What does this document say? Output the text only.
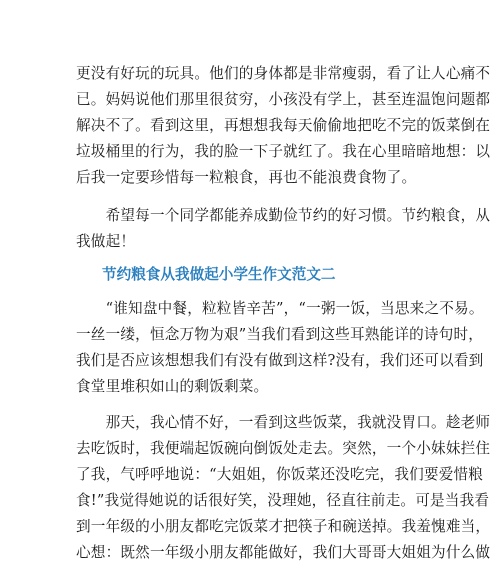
更没有好玩的玩具。他们的身体都是非常瘦弱，看了让人心痛不
已。妈妈说他们那里很贫穷，小孩没有学上，甚至连温饱问题都
解决不了。看到这里，再想想我每天偷偷地把吃不完的饭菜倒在
垃圾桶里的行为，我的脸一下子就红了。我在心里暗暗地想：以
后我一定要珍惜每一粒粮食，再也不能浪费食物了。
　　希望每一个同学都能养成勤俭节约的好习惯。节约粮食，从
我做起！
节约粮食从我做起小学生作文范文二
　　“谁知盘中餐，粒粒皆辛苦”，“一粥一饭，当思来之不易。
一丝一缕，恒念万物为艰”当我们看到这些耳熟能详的诗句时，
我们是否应该想想我们有没有做到这样?没有，我们还可以看到
食堂里堆积如山的剩饭剩菜。
　　那天，我心情不好，一看到这些饭菜，我就没胃口。趁老师
去吃饭时，我便端起饭碗向倒饭处走去。突然，一个小妹妹拦住
了我，气呼呼地说：“大姐姐，你饭菜还没吃完，我们要爱惜粮
食!”我觉得她说的话很好笑，没理她，径直往前走。可是当我看
到一年级的小朋友都吃完饭菜才把筷子和碗送掉。我羞愧难当，
心想：既然一年级小朋友都能做好，我们大哥哥大姐姐为什么做
